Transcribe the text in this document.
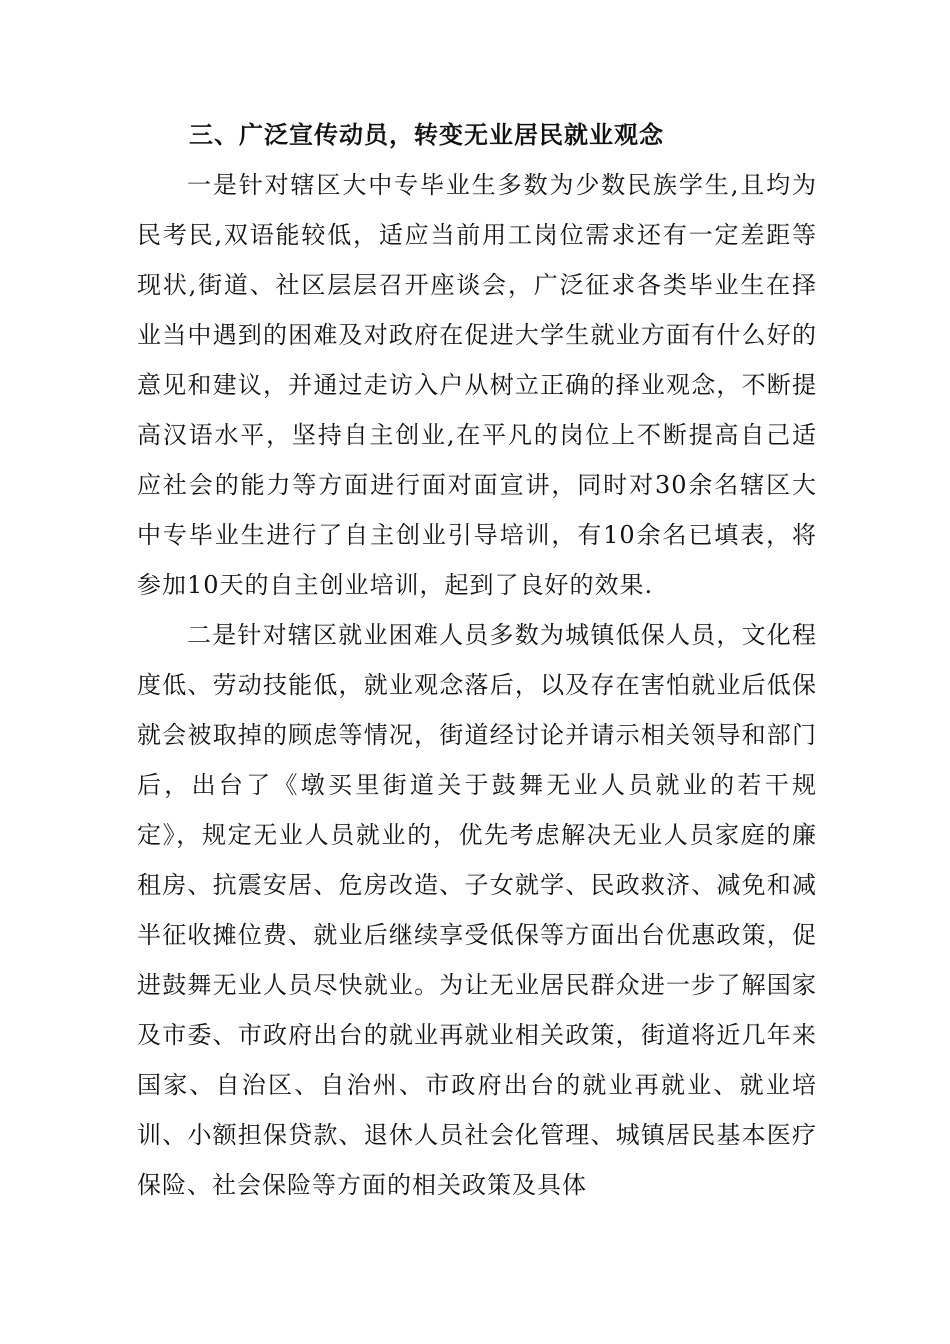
三、广泛宣传动员，转变无业居民就业观念

一是针对辖区大中专毕业生多数为少数民族学生,且均为民考民,双语能较低，适应当前用工岗位需求还有一定差距等现状,街道、社区层层召开座谈会，广泛征求各类毕业生在择业当中遇到的困难及对政府在促进大学生就业方面有什么好的意见和建议，并通过走访入户从树立正确的择业观念，不断提高汉语水平，坚持自主创业,在平凡的岗位上不断提高自己适应社会的能力等方面进行面对面宣讲，同时对30余名辖区大中专毕业生进行了自主创业引导培训，有10余名已填表，将参加10天的自主创业培训，起到了良好的效果.

二是针对辖区就业困难人员多数为城镇低保人员，文化程度低、劳动技能低，就业观念落后，以及存在害怕就业后低保就会被取掉的顾虑等情况，街道经讨论并请示相关领导和部门后，出台了《墩买里街道关于鼓舞无业人员就业的若干规定》，规定无业人员就业的，优先考虑解决无业人员家庭的廉租房、抗震安居、危房改造、子女就学、民政救济、减免和减半征收摊位费、就业后继续享受低保等方面出台优惠政策，促进鼓舞无业人员尽快就业。为让无业居民群众进一步了解国家及市委、市政府出台的就业再就业相关政策，街道将近几年来国家、自治区、自治州、市政府出台的就业再就业、就业培训、小额担保贷款、退休人员社会化管理、城镇居民基本医疗保险、社会保险等方面的相关政策及具体
